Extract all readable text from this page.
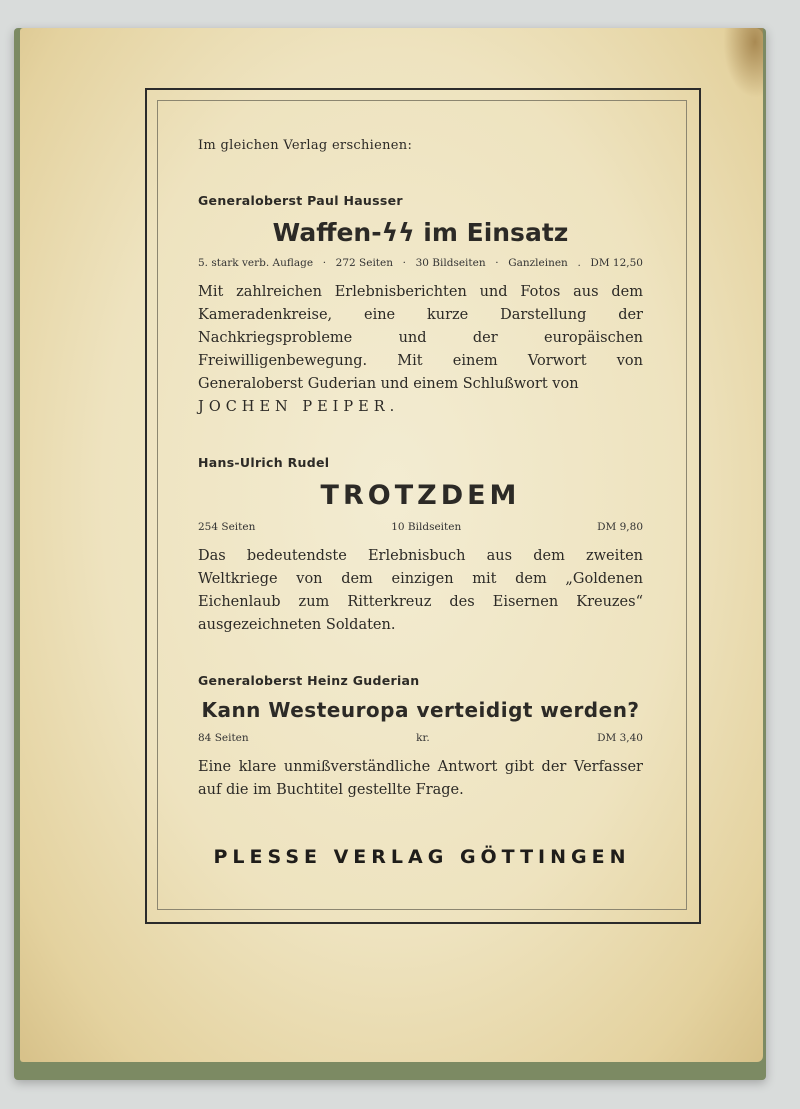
Im gleichen Verlag erschienen:

Generaloberst Paul Hausser

Waffen-ϟϟ im Einsatz

5. stark verb. Auflage · 272 Seiten · 30 Bildseiten · Ganzleinen . DM 12,50

Mit zahlreichen Erlebnisberichten und Fotos aus dem Kameradenkreise, eine kurze Darstellung der Nachkriegsprobleme und der europäischen Freiwilligenbewegung. Mit einem Vorwort von Generaloberst Guderian und einem Schlußwort von
JOCHEN PEIPER.

Hans-Ulrich Rudel

TROTZDEM

254 Seiten	10 Bildseiten	DM 9,80

Das bedeutendste Erlebnisbuch aus dem zweiten Weltkriege von dem einzigen mit dem „Goldenen Eichenlaub zum Ritterkreuz des Eisernen Kreuzes“ ausgezeichneten Soldaten.

Generaloberst Heinz Guderian

Kann Westeuropa verteidigt werden?

84 Seiten	kr.	DM 3,40

Eine klare unmißverständliche Antwort gibt der Verfasser auf die im Buchtitel gestellte Frage.

PLESSE VERLAG GÖTTINGEN
